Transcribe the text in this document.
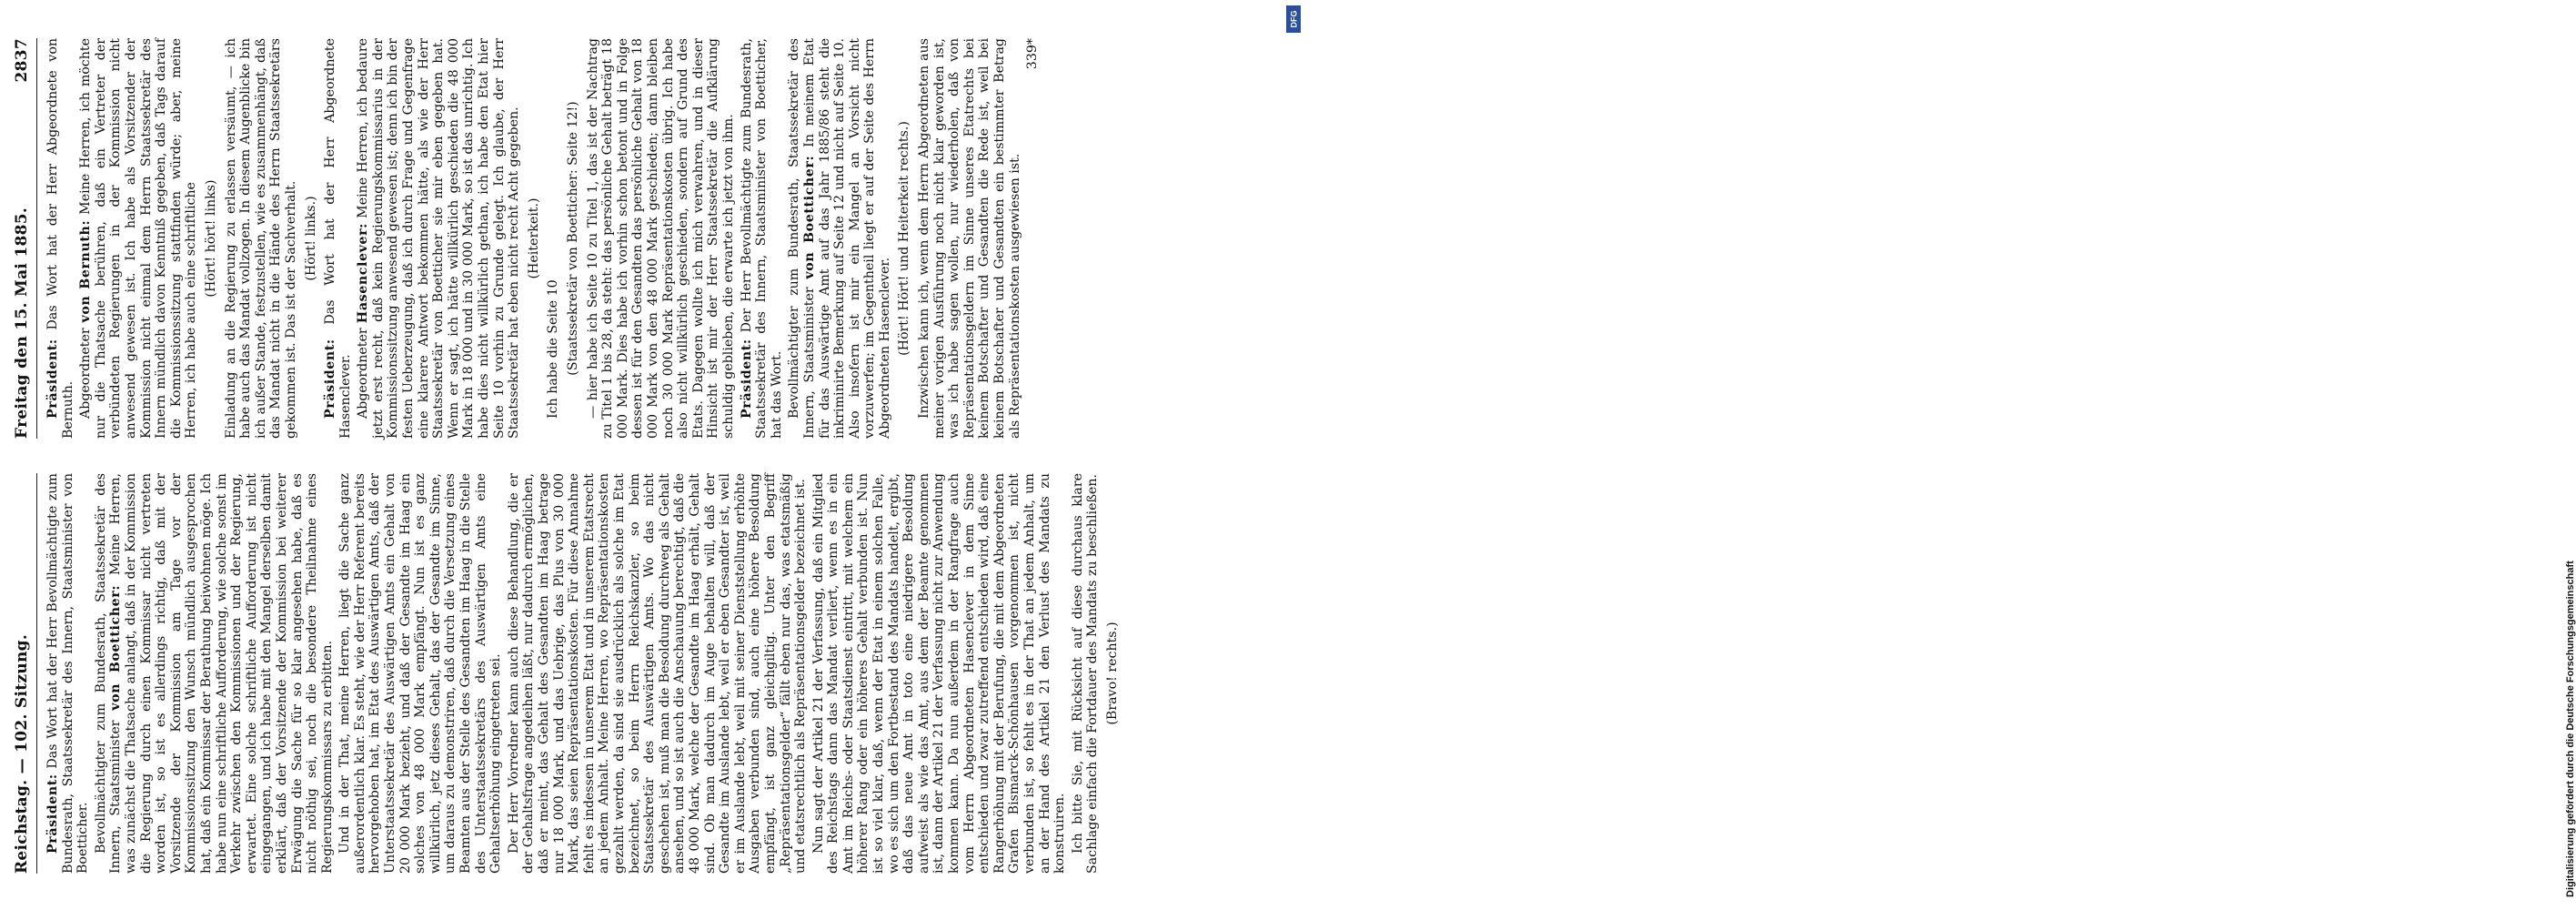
Reichstag. — 102. Sitzung.
Freitag den 15. Mai 1885.
2837

Präsident: Das Wort hat der Herr Bevollmächtigte zum Bundesrath, Staatssekretär des Innern, Staatsminister von Boetticher. Bevollmächtigter zum Bundesrath, Staatssekretär des Innern, Staatsminister von Boetticher: Meine Herren, was zunächst die Thatsache anlangt, daß in der Kommission die Regierung durch einen Kommissar nicht vertreten worden ist, so ist es allerdings richtig, daß mit der Vorsitzende der Kommission am Tage vor der Kommissionssitzung den Wunsch mündlich ausgesprochen hat, daß ein Kommissar der Berathung beiwohnen möge. Ich habe nun eine schriftliche Aufforderung, wie solche sonst im Verkehr zwischen den Kommissionen und der Regierung, erwartet. Eine solche schriftliche Aufforderung ist nicht eingegangen, und ich habe mit den Mangel derselben damit erklärt, daß der Vorsitzende der Kommission bei weiterer Erwägung die Sache für so klar angesehen habe, daß es nicht nöthig sei, noch die besondere Theilnahme eines Regierungskommissars zu erbitten. Und in der That, meine Herren, liegt die Sache ganz außerordentlich klar. Es steht, wie der Herr Referent bereits hervorgehoben hat, im Etat des Auswärtigen Amts, daß der Unterstaatssekretär des Auswärtigen Amts ein Gehalt von 20 000 Mark bezieht, und daß der Gesandte im Haag ein solches von 48 000 Mark empfängt. Nun ist es ganz willkürlich, jetz dieses Gehalt, das der Gesandte im Sinne, um daraus zu demonstriren, daß durch die Versetzung eines Beamten aus der Stelle des Gesandten im Haag in die Stelle des Unterstaatssekretärs des Auswärtigen Amts eine Gehaltserhöhung eingetreten sei. Der Herr Vorredner kann auch diese Behandlung, die er der Gehaltsfrage angedeihen läßt, nur dadurch ermöglichen, daß er meint, das Gehalt des Gesandten im Haag betrage nur 18 000 Mark, und das Uebrige, das Plus von 30 000 Mark, das seien Repräsentationskosten. Für diese Annahme fehlt es indessen in unserem Etat und in unserem Etatsrecht an jedem Anhalt. Meine Herren, wo Repräsentationskosten gezahlt werden, da sind sie ausdrücklich als solche im Etat bezeichnet, so beim Herrn Reichskanzler, so beim Staatssekretär des Auswärtigen Amts. Wo das nicht geschehen ist, muß man die Besoldung durchweg als Gehalt ansehen, und so ist auch die Anschauung berechtigt, daß die 48 000 Mark, welche der Gesandte im Haag erhält, Gehalt sind. Ob man dadurch im Auge behalten will, daß der Gesandte im Auslande lebt, weil er eben Gesandter ist, weil er im Auslande lebt, weil mit seiner Dienststellung erhöhte Ausgaben verbunden sind, auch eine höhere Besoldung empfängt, ist ganz gleichgiltig. Unter den Begriff „Repräsentationsgelder“ fällt eben nur das, was etatsmäßig und etatsrechtlich als Repräsentationsgelder bezeichnet ist. Nun sagt der Artikel 21 der Verfassung, daß ein Mitglied des Reichstags dann das Mandat verliert, wenn es in ein Amt im Reichs- oder Staatsdienst eintritt, mit welchem ein höherer Rang oder ein höheres Gehalt verbunden ist. Nun ist so viel klar, daß, wenn der Etat in einem solchen Falle, wo es sich um den Fortbestand des Mandats handelt, ergibt, daß das neue Amt in toto eine niedrigere Besoldung aufweist als wie das Amt, aus dem der Beamte genommen ist, dann der Artikel 21 der Verfassung nicht zur Anwendung kommen kann. Da nun außerdem in der Rangfrage auch vom Herrn Abgeordneten Hasenclever in dem Sinne entschieden und zwar zutreffend entschieden wird, daß eine Rangerhöhung mit der Berufung, die mit dem Abgeordneten Grafen Bismarck-Schönhausen vorgenommen ist, nicht verbunden ist, so fehlt es in der That an jedem Anhalt, um an der Hand des Artikel 21 den Verlust des Mandats zu konstruiren. Ich bitte Sie, mit Rücksicht auf diese durchaus klare Sachlage einfach die Fortdauer des Mandats zu beschließen. (Bravo! rechts.)

Präsident: Das Wort hat der Herr Abgeordnete von Bernuth. Abgeordneter von Bernuth: Meine Herren, ich möchte nur die Thatsache berühren, daß ein Vertreter der verbündeten Regierungen in der Kommission nicht anwesend gewesen ist. Ich habe als Vorsitzender der Kommission nicht einmal dem Herrn Staatssekretär des Innern mündlich davon Kenntniß gegeben, daß Tags darauf die Kommissionssitzung stattfinden würde; aber, meine Herren, ich habe auch eine schriftliche (Hört! hört! links) Einladung an die Regierung zu erlassen versäumt, — ich habe auch das Mandat vollzogen. In diesem Augenblicke bin ich außer Stande, festzustellen, wie es zusammenhängt, daß das Mandat nicht in die Hände des Herrn Staatssekretärs gekommen ist. Das ist der Sachverhalt. (Hört! links.)

Präsident: Das Wort hat der Herr Abgeordnete Hasenclever. Abgeordneter Hasenclever: Meine Herren, ich bedaure jetzt erst recht, daß kein Regierungskommissarius in der Kommissionssitzung anwesend gewesen ist; denn ich bin der festen Ueberzeugung, daß ich durch Frage und Gegenfrage eine klarere Antwort bekommen hätte, als wie der Herr Staatssekretär von Boetticher sie mir eben gegeben hat. Wenn er sagt, ich hätte willkürlich geschieden die 48 000 Mark in 18 000 und in 30 000 Mark, so ist das unrichtig. Ich habe dies nicht willkürlich gethan, ich habe den Etat hier Seite 10 vorhin zu Grunde gelegt. Ich glaube, der Herr Staatssekretär hat eben nicht recht Acht gegeben. (Heiterkeit.)

Ich habe die Seite 10 (Staatssekretär von Boetticher: Seite 12!) — hier habe ich Seite 10 zu Titel 1, das ist der Nachtrag zu Titel 1 bis 28, da steht: das persönliche Gehalt beträgt 18 000 Mark. Dies habe ich vorhin schon betont und in Folge dessen ist für den Gesandten das persönliche Gehalt von 18 000 Mark von den 48 000 Mark geschieden; dann bleiben noch 30 000 Mark Repräsentationskosten übrig. Ich habe also nicht willkürlich geschieden, sondern auf Grund des Etats. Dagegen wollte ich mich verwahren, und in dieser Hinsicht ist mir der Herr Staatssekretär die Aufklärung schuldig geblieben, die erwarte ich jetzt von ihm. Präsident: Der Herr Bevollmächtigte zum Bundesrath, Staatssekretär des Innern, Staatsminister von Boetticher, hat das Wort. Bevollmächtigter zum Bundesrath, Staatssekretär des Innern, Staatsminister von Boetticher: In meinem Etat für das Auswärtige Amt auf das Jahr 1885/86 steht die inkriminirte Bemerkung auf Seite 12 und nicht auf Seite 10. Also insofern ist mir ein Mangel an Vorsicht nicht vorzuwerfen; im Gegentheil liegt er auf der Seite des Herrn Abgeordneten Hasenclever. (Hört! Hört! und Heiterkeit rechts.) Inzwischen kann ich, wenn dem Herrn Abgeordneten aus meiner vorigen Ausführung noch nicht klar geworden ist, was ich habe sagen wollen, nur wiederholen, daß von Repräsentationsgeldern im Sinne unseres Etatrechts bei keinem Botschafter und Gesandten die Rede ist, weil bei keinem Botschafter und Gesandten ein bestimmter Betrag als Repräsentationskosten ausgewiesen ist.

339*

Digitalisierung gefördert durch die Deutsche Forschungsgemeinschaft
DFG
